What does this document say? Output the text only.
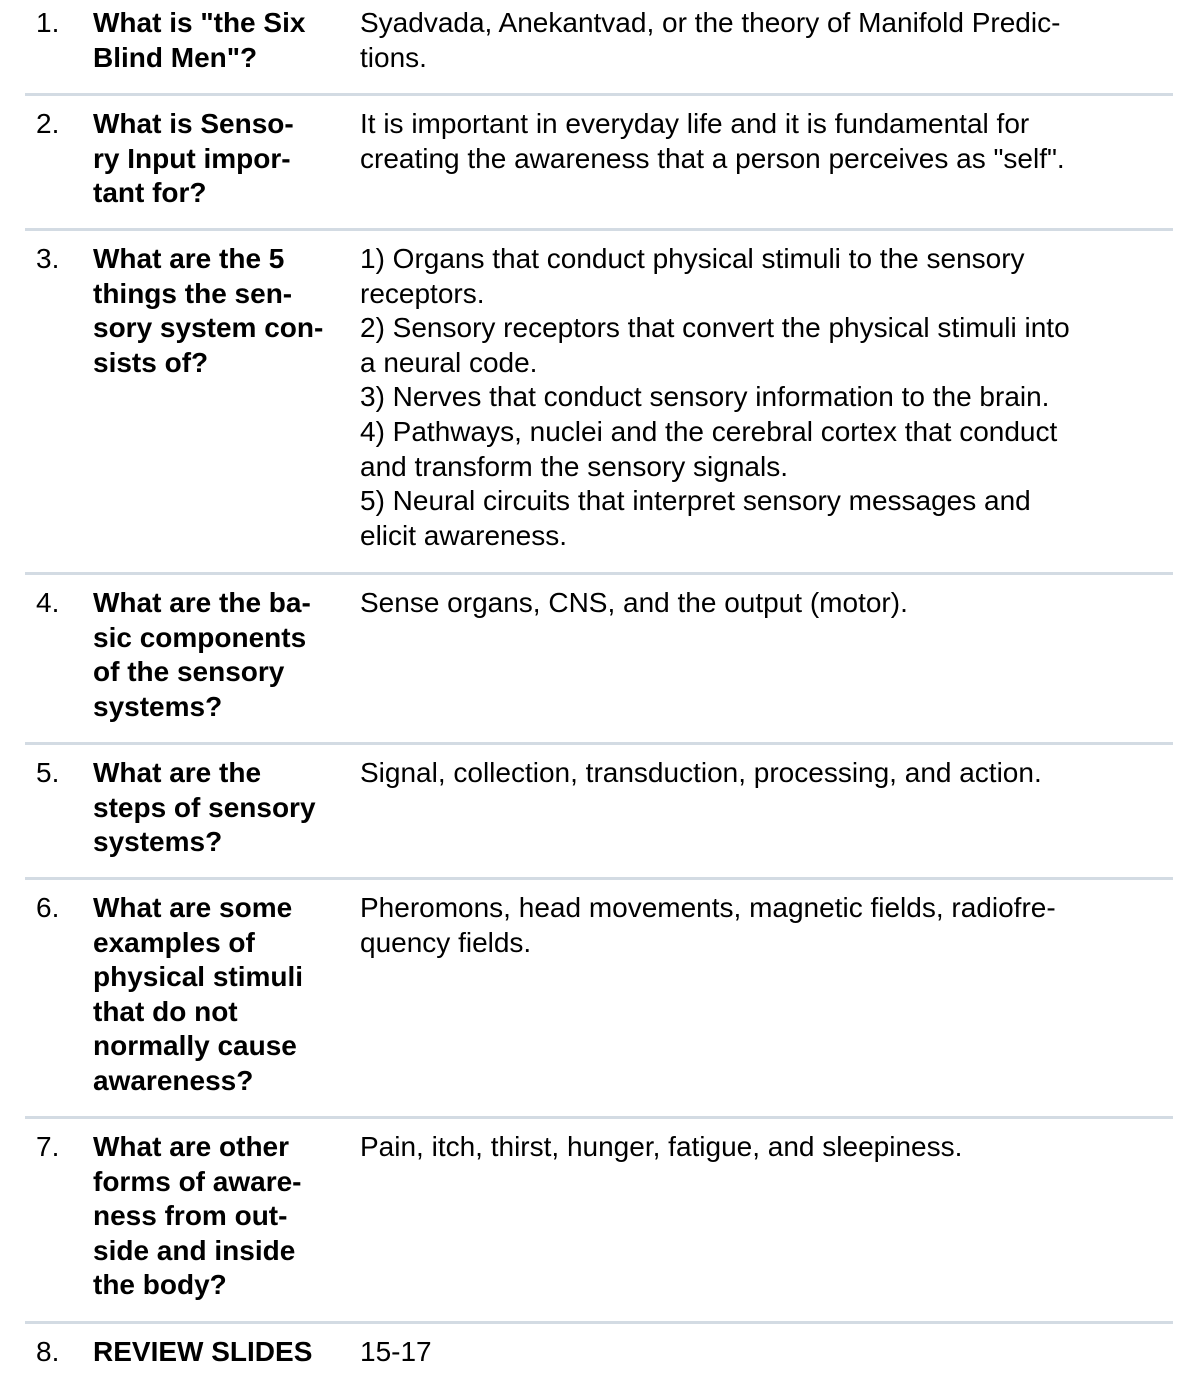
1. What is "the Six
Blind Men"?
Syadvada, Anekantvad, or the theory of Manifold Predic-
tions.
2. What is Senso-
ry Input impor-
tant for?
It is important in everyday life and it is fundamental for
creating the awareness that a person perceives as "self".
3. What are the 5
things the sen-
sory system con-
sists of?
1) Organs that conduct physical stimuli to the sensory
receptors.
2) Sensory receptors that convert the physical stimuli into
a neural code.
3) Nerves that conduct sensory information to the brain.
4) Pathways, nuclei and the cerebral cortex that conduct
and transform the sensory signals.
5) Neural circuits that interpret sensory messages and
elicit awareness.
4. What are the ba-
sic components
of the sensory
systems?
Sense organs, CNS, and the output (motor).
5. What are the
steps of sensory
systems?
Signal, collection, transduction, processing, and action.
6. What are some
examples of
physical stimuli
that do not
normally cause
awareness?
Pheromons, head movements, magnetic fields, radiofre-
quency fields.
7. What are other
forms of aware-
ness from out-
side and inside
the body?
Pain, itch, thirst, hunger, fatigue, and sleepiness.
8. REVIEW SLIDES	15-17
